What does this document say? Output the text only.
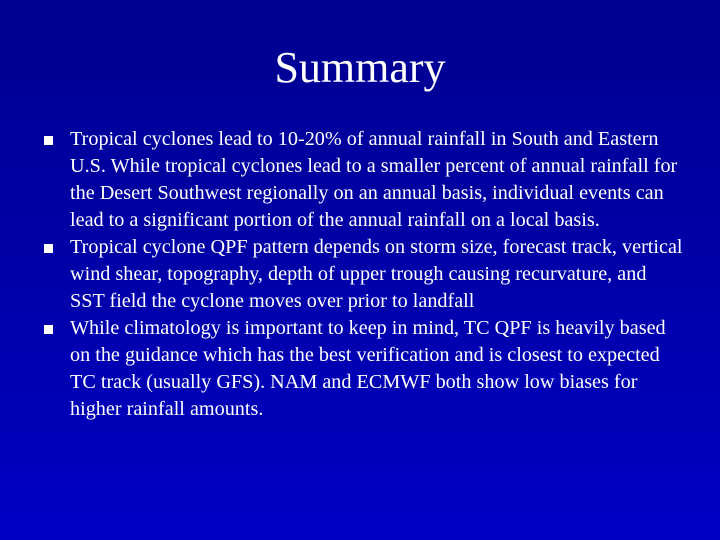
Summary
Tropical cyclones lead to 10-20% of annual rainfall in South and Eastern U.S. While tropical cyclones lead to a smaller percent of annual rainfall for the Desert Southwest regionally on an annual basis, individual events can lead to a significant portion of the annual rainfall on a local basis.
Tropical cyclone QPF pattern depends on storm size, forecast track, vertical wind shear, topography, depth of upper trough causing recurvature, and SST field the cyclone moves over prior to landfall
While climatology is important to keep in mind, TC QPF is heavily based on the guidance which has the best verification and is closest to expected TC track (usually GFS). NAM and ECMWF both show low biases for higher rainfall amounts.
